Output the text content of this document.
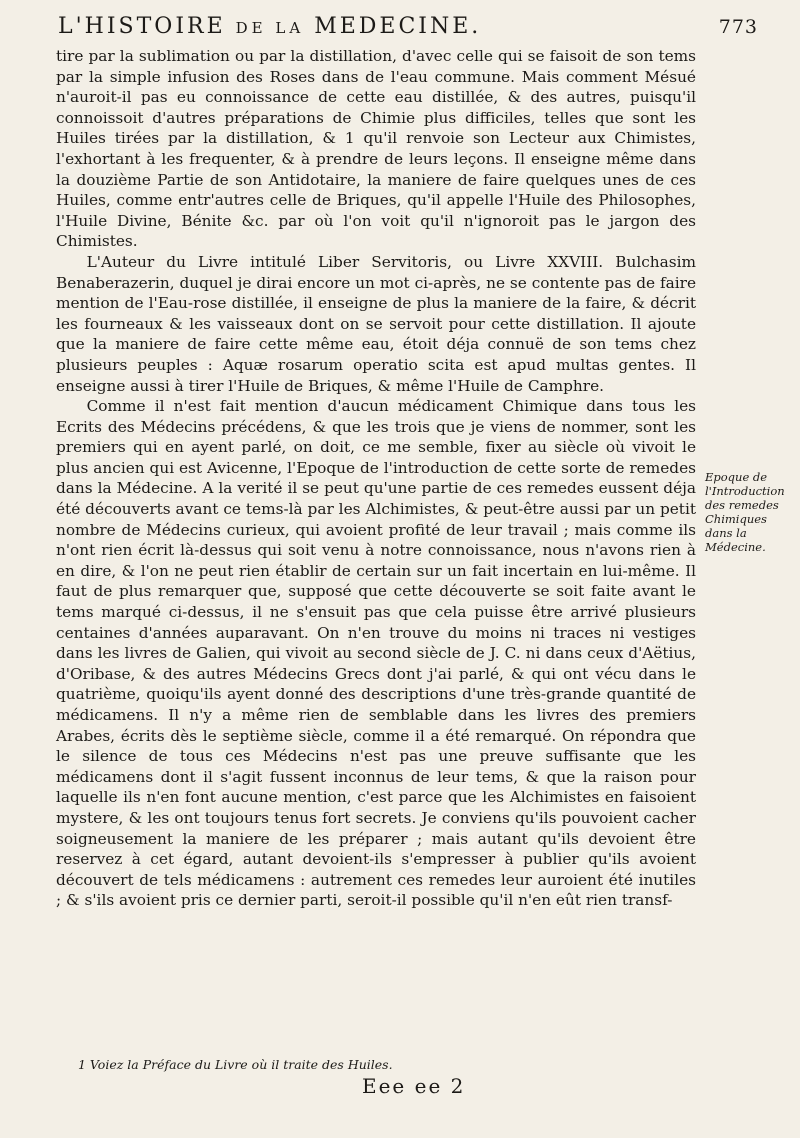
L'HISTOIRE DE LA MEDECINE.	773

tire par la sublimation ou par la distillation, d'avec celle qui se faisoit de son tems par la simple infusion des Roses dans de l'eau commune. Mais comment Mésué n'auroit-il pas eu connoissance de cette eau distillée, & des autres, puisqu'il connoissoit d'autres préparations de Chimie plus difficiles, telles que sont les Huiles tirées par la distillation, & 1 qu'il renvoie son Lecteur aux Chimistes, l'exhortant à les frequenter, & à prendre de leurs leçons. Il enseigne même dans la douzième Partie de son Antidotaire, la maniere de faire quelques unes de ces Huiles, comme entr'autres celle de Briques, qu'il appelle l'Huile des Philosophes, l'Huile Divine, Bénite &c. par où l'on voit qu'il n'ignoroit pas le jargon des Chimistes.

L'Auteur du Livre intitulé Liber Servitoris, ou Livre XXVIII. Bulchasim Benaberazerin, duquel je dirai encore un mot ci-après, ne se contente pas de faire mention de l'Eau-rose distillée, il enseigne de plus la maniere de la faire, & décrit les fourneaux & les vaisseaux dont on se servoit pour cette distillation. Il ajoute que la maniere de faire cette même eau, étoit déja connuë de son tems chez plusieurs peuples : Aquæ rosarum operatio scita est apud multas gentes. Il enseigne aussi à tirer l'Huile de Briques, & même l'Huile de Camphre.

Comme il n'est fait mention d'aucun médicament Chimique dans tous les Ecrits des Médecins précédens, & que les trois que je viens de nommer, sont les premiers qui en ayent parlé, on doit, ce me semble, fixer au siècle où vivoit le plus ancien qui est Avicenne, l'Epoque de l'introduction de cette sorte de remedes dans la Médecine. A la verité il se peut qu'une partie de ces remedes eussent déja été découverts avant ce tems-là par les Alchimistes, & peut-être aussi par un petit nombre de Médecins curieux, qui avoient profité de leur travail ; mais comme ils n'ont rien écrit là-dessus qui soit venu à notre connoissance, nous n'avons rien à en dire, & l'on ne peut rien établir de certain sur un fait incertain en lui-même. Il faut de plus remarquer que, supposé que cette découverte se soit faite avant le tems marqué ci-dessus, il ne s'ensuit pas que cela puisse être arrivé plusieurs centaines d'années auparavant. On n'en trouve du moins ni traces ni vestiges dans les livres de Galien, qui vivoit au second siècle de J. C. ni dans ceux d'Aëtius, d'Oribase, & des autres Médecins Grecs dont j'ai parlé, & qui ont vécu dans le quatrième, quoiqu'ils ayent donné des descriptions d'une très-grande quantité de médicamens. Il n'y a même rien de semblable dans les livres des premiers Arabes, écrits dès le septième siècle, comme il a été remarqué. On répondra que le silence de tous ces Médecins n'est pas une preuve suffisante que les médicamens dont il s'agit fussent inconnus de leur tems, & que la raison pour laquelle ils n'en font aucune mention, c'est parce que les Alchimistes en faisoient mystere, & les ont toujours tenus fort secrets. Je conviens qu'ils pouvoient cacher soigneusement la maniere de les préparer ; mais autant qu'ils devoient être reservez à cet égard, autant devoient-ils s'empresser à publier qu'ils avoient découvert de tels médicamens : autrement ces remedes leur auroient été inutiles ; & s'ils avoient pris ce dernier parti, seroit-il possible qu'il n'en eût rien transf-

Epoque de l'Introduction des remedes Chimiques dans la Médecine.
1 Voiez la Préface du Livre où il traite des Huiles.
Eee ee 2
